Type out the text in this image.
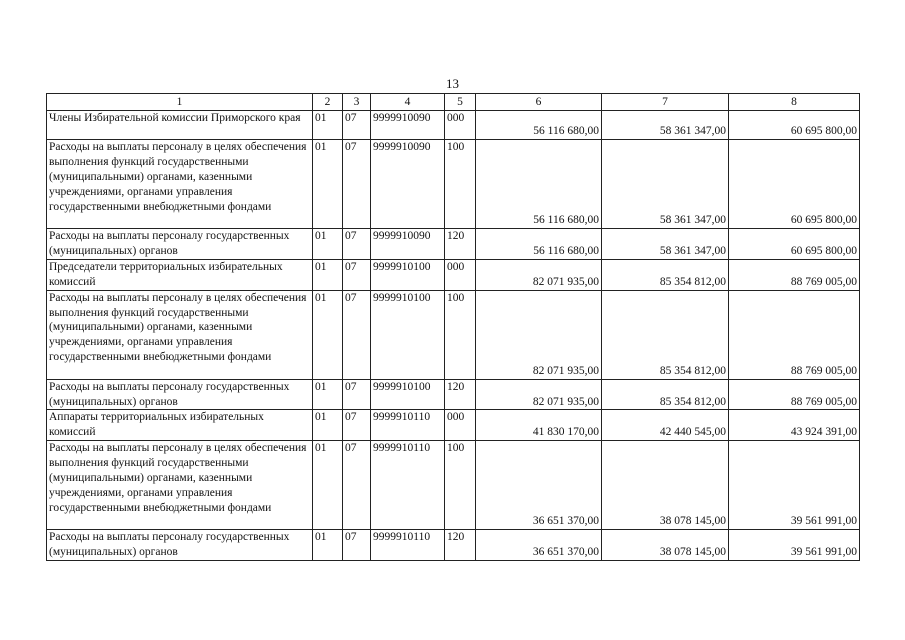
13
1	2	3	4	5	6	7	8
Члены Избирательной комиссии Приморского края	01	07	9999910090	000	56 116 680,00	58 361 347,00	60 695 800,00
Расходы на выплаты персоналу в целях обеспечения выполнения функций государственными (муниципальными) органами, казенными учреждениями, органами управления государственными внебюджетными фондами	01	07	9999910090	100	56 116 680,00	58 361 347,00	60 695 800,00
Расходы на выплаты персоналу государственных (муниципальных) органов	01	07	9999910090	120	56 116 680,00	58 361 347,00	60 695 800,00
Председатели территориальных избирательных комиссий	01	07	9999910100	000	82 071 935,00	85 354 812,00	88 769 005,00
Расходы на выплаты персоналу в целях обеспечения выполнения функций государственными (муниципальными) органами, казенными учреждениями, органами управления государственными внебюджетными фондами	01	07	9999910100	100	82 071 935,00	85 354 812,00	88 769 005,00
Расходы на выплаты персоналу государственных (муниципальных) органов	01	07	9999910100	120	82 071 935,00	85 354 812,00	88 769 005,00
Аппараты территориальных избирательных комиссий	01	07	9999910110	000	41 830 170,00	42 440 545,00	43 924 391,00
Расходы на выплаты персоналу в целях обеспечения выполнения функций государственными (муниципальными) органами, казенными учреждениями, органами управления государственными внебюджетными фондами	01	07	9999910110	100	36 651 370,00	38 078 145,00	39 561 991,00
Расходы на выплаты персоналу государственных (муниципальных) органов	01	07	9999910110	120	36 651 370,00	38 078 145,00	39 561 991,00
